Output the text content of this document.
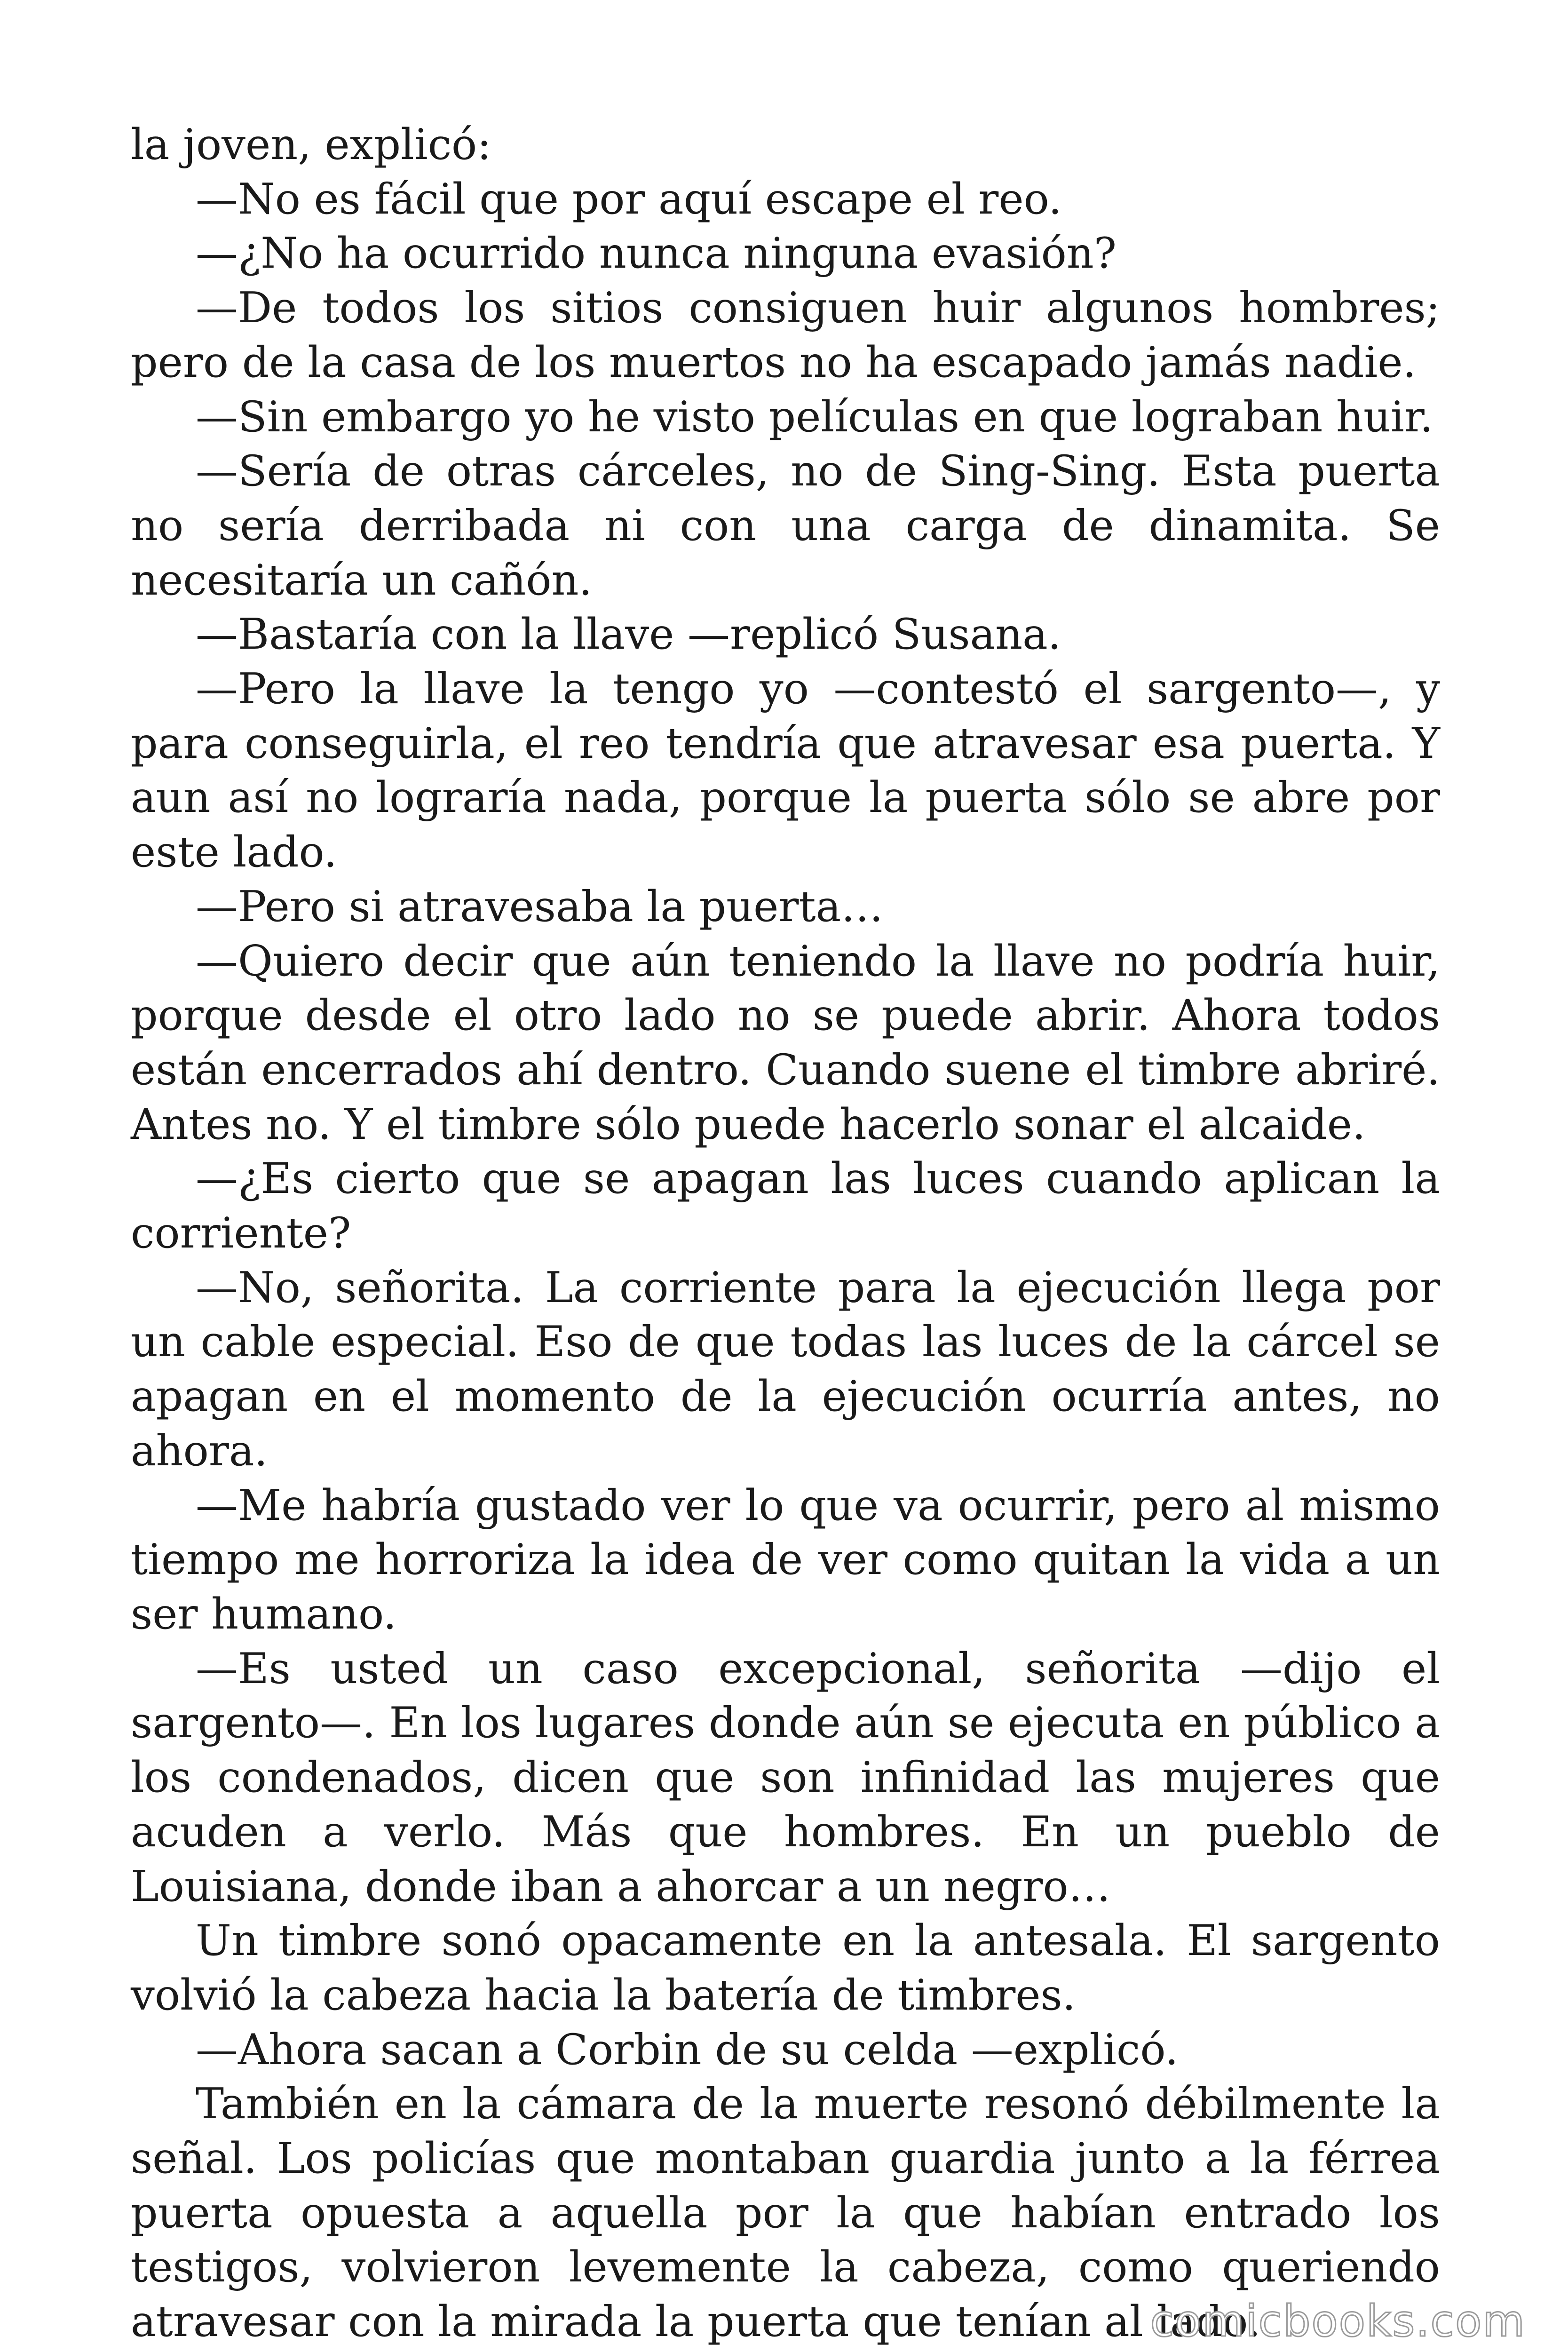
la joven, explicó:

—No es fácil que por aquí escape el reo.

—¿No ha ocurrido nunca ninguna evasión?

—De todos los sitios consiguen huir algunos hombres; pero de la casa de los muertos no ha escapado jamás nadie.

—Sin embargo yo he visto películas en que lograban huir.

—Sería de otras cárceles, no de Sing-Sing. Esta puerta no sería derribada ni con una carga de dinamita. Se necesitaría un cañón.

—Bastaría con la llave —replicó Susana.

—Pero la llave la tengo yo —contestó el sargento—, y para conseguirla, el reo tendría que atravesar esa puerta. Y aun así no lograría nada, porque la puerta sólo se abre por este lado.

—Pero si atravesaba la puerta…

—Quiero decir que aún teniendo la llave no podría huir, porque desde el otro lado no se puede abrir. Ahora todos están encerrados ahí dentro. Cuando suene el timbre abriré. Antes no. Y el timbre sólo puede hacerlo sonar el alcaide.

—¿Es cierto que se apagan las luces cuando aplican la corriente?

—No, señorita. La corriente para la ejecución llega por un cable especial. Eso de que todas las luces de la cárcel se apagan en el momento de la ejecución ocurría antes, no ahora.

—Me habría gustado ver lo que va ocurrir, pero al mismo tiempo me horroriza la idea de ver como quitan la vida a un ser humano.

—Es usted un caso excepcional, señorita —dijo el sargento—. En los lugares donde aún se ejecuta en público a los condenados, dicen que son infinidad las mujeres que acuden a verlo. Más que hombres. En un pueblo de Louisiana, donde iban a ahorcar a un negro…

Un timbre sonó opacamente en la antesala. El sargento volvió la cabeza hacia la batería de timbres.

—Ahora sacan a Corbin de su celda —explicó.

También en la cámara de la muerte resonó débilmente la señal. Los policías que montaban guardia junto a la férrea puerta opuesta a aquella por la que habían entrado los testigos, volvieron levemente la cabeza, como queriendo atravesar con la mirada la puerta que tenían al lado.

comicbooks.com
